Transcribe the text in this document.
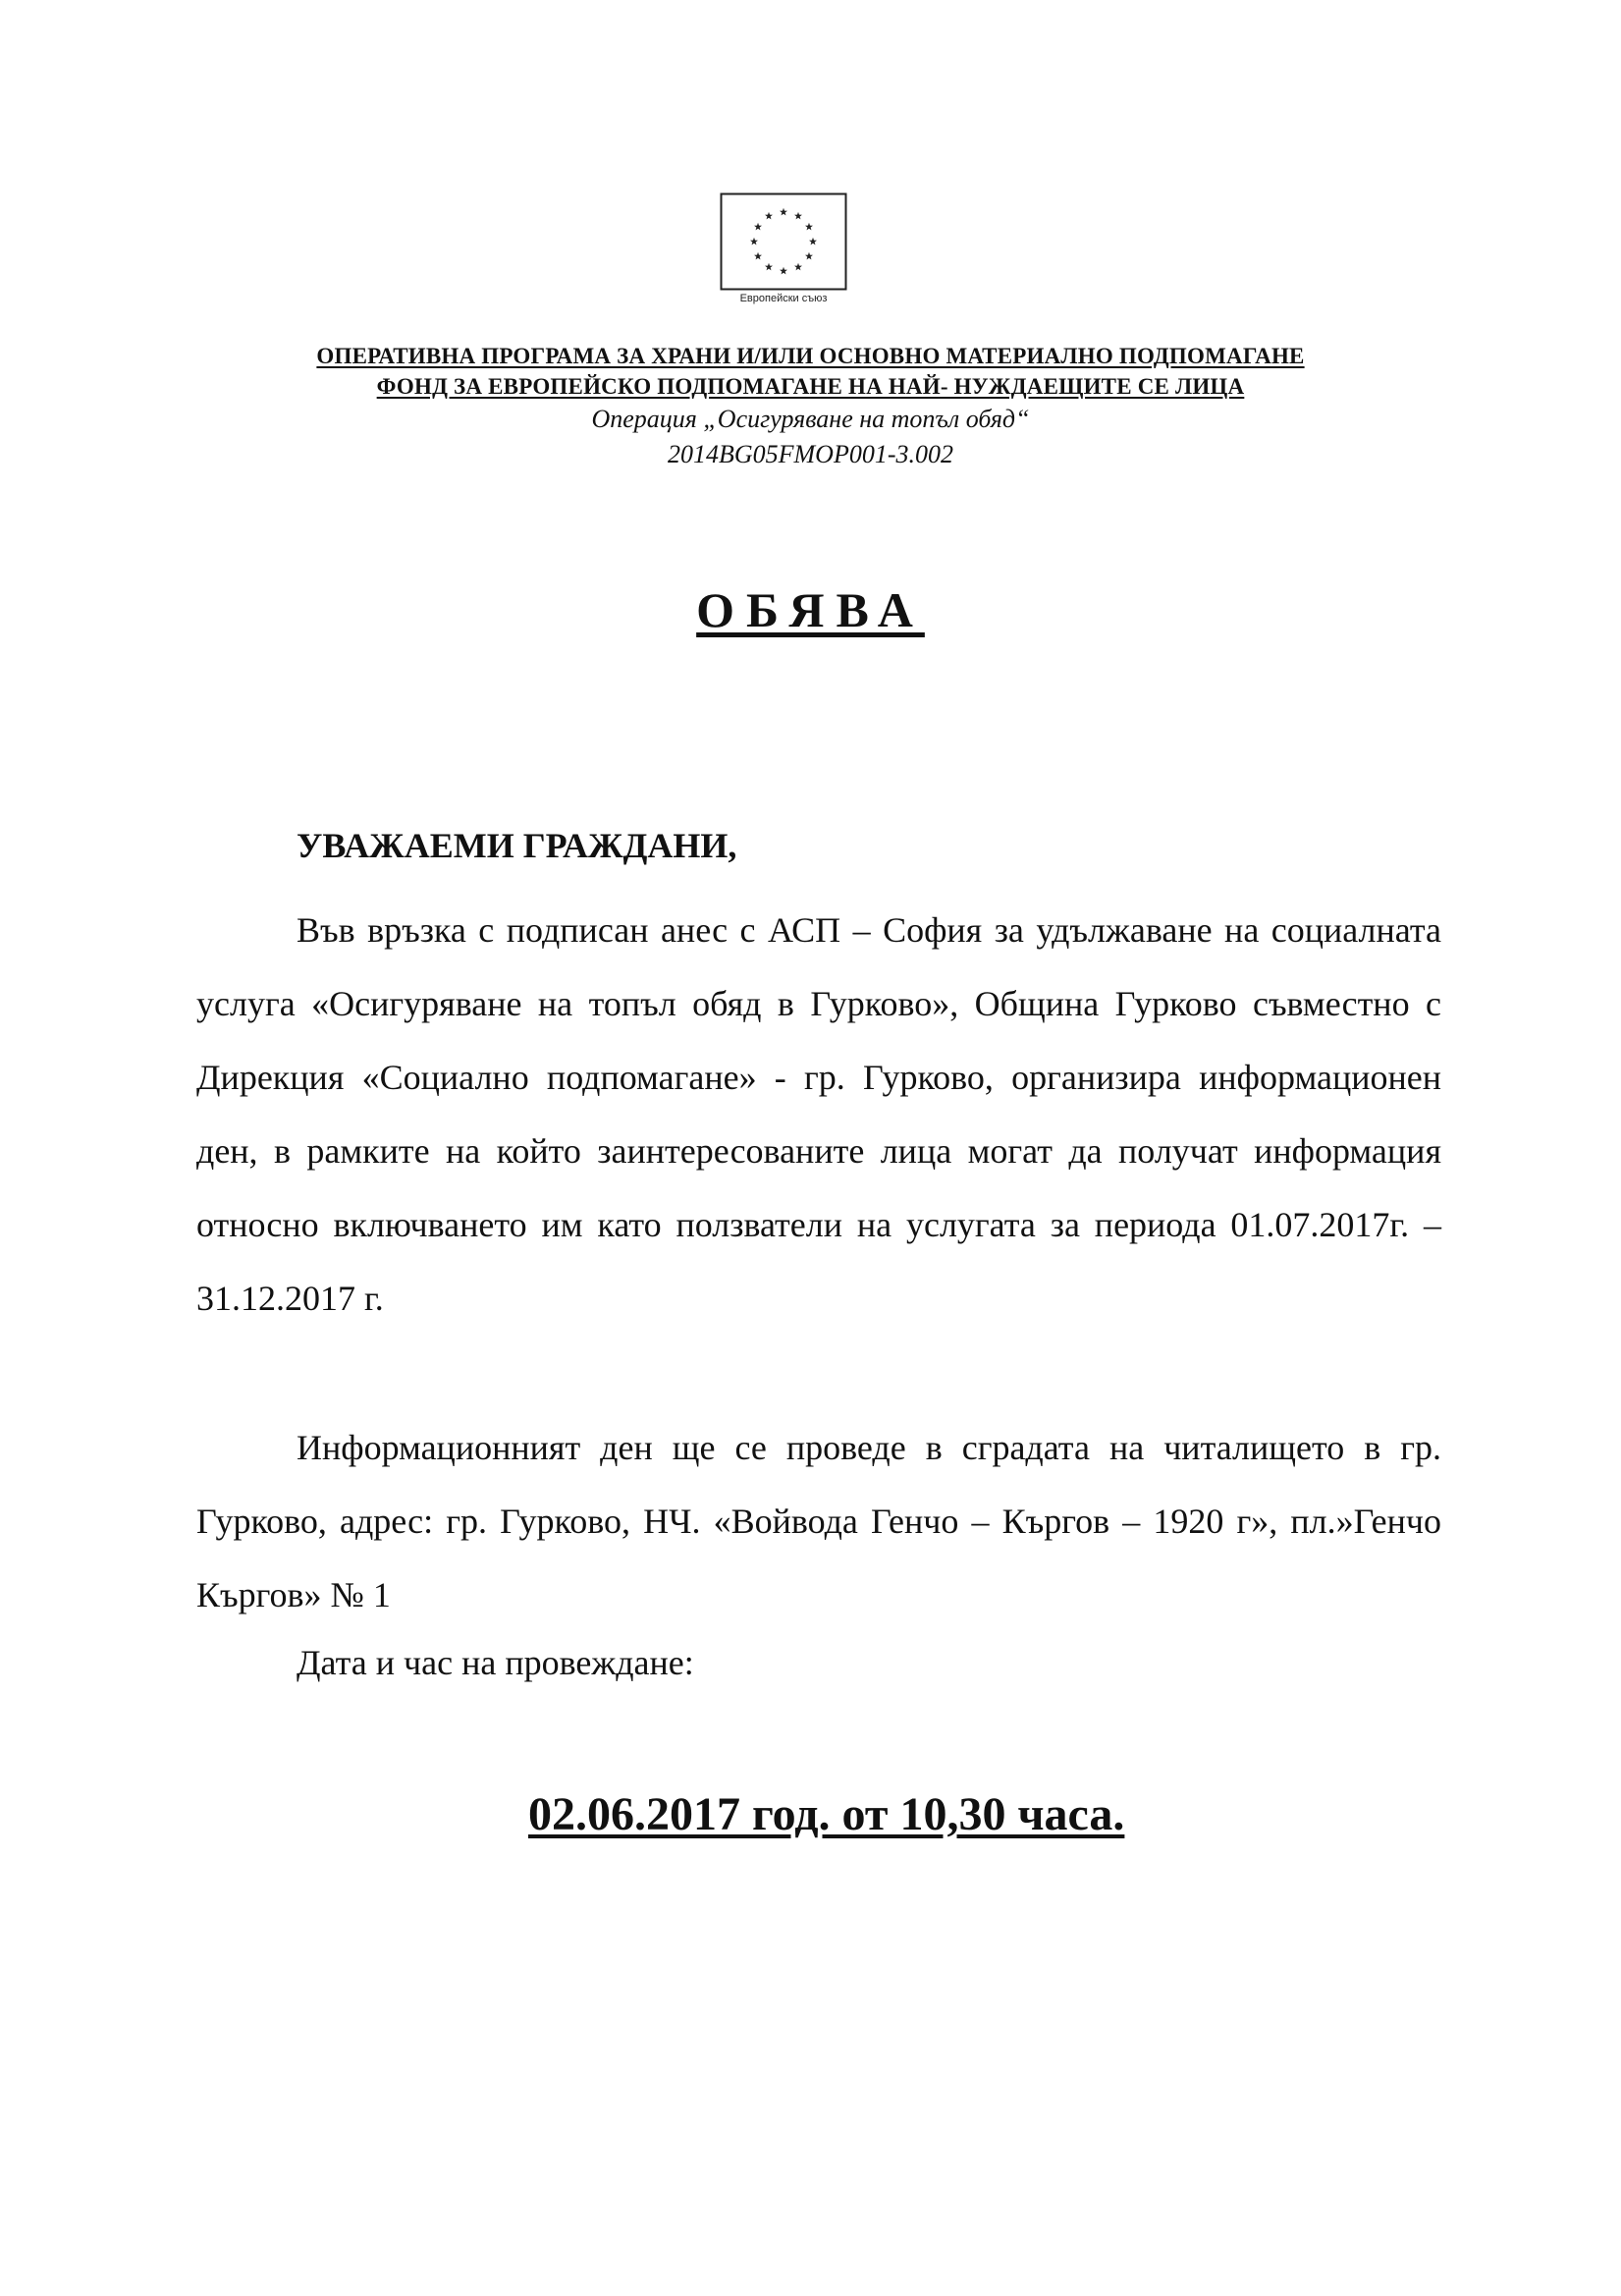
Европейски съюз
ОПЕРАТИВНА ПРОГРАМА ЗА ХРАНИ И/ИЛИ ОСНОВНО МАТЕРИАЛНО ПОДПОМАГАНЕ
ФОНД ЗА ЕВРОПЕЙСКО ПОДПОМАГАНЕ НА НАЙ- НУЖДАЕЩИТЕ СЕ ЛИЦА
Операция „Осигуряване на топъл обяд“
2014BG05FMOP001-3.002
ОБЯВА
УВАЖАЕМИ ГРАЖДАНИ,
Във връзка с подписан анес с АСП – София за удължаване на социалната услуга «Осигуряване на топъл обяд в Гурково», Община Гурково съвместно с Дирекция «Социално подпомагане» - гр. Гурково, организира информационен ден, в рамките на който заинтересованите лица могат да получат информация относно включването им като ползватели на услугата за периода 01.07.2017г. – 31.12.2017 г.
Информационният ден ще се проведе в сградата на читалището в гр. Гурково, адрес: гр. Гурково, НЧ. «Войвода Генчо – Къргов – 1920 г», пл.»Генчо Къргов» № 1
Дата и час на провеждане:
02.06.2017 год. от 10,30 часа.
